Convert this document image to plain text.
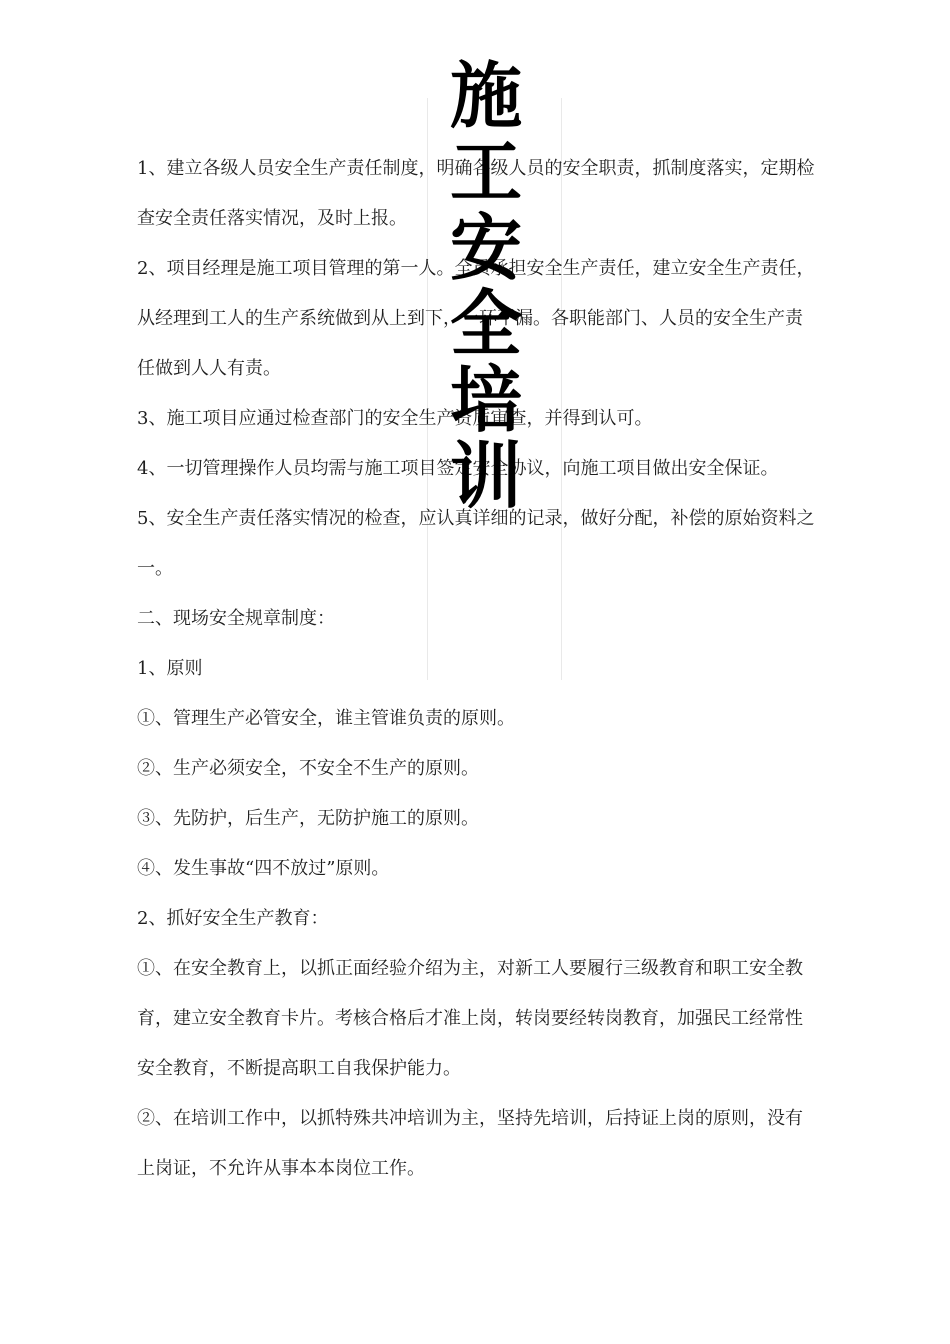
施
工
安
全
培
训

1、建立各级人员安全生产责任制度，明确各级人员的安全职责，抓制度落实，定期检查安全责任落实情况，及时上报。

2、项目经理是施工项目管理的第一人。全员承担安全生产责任，建立安全生产责任，从经理到工人的生产系统做到从上到下，一环不漏。各职能部门、人员的安全生产责任做到人人有责。

3、施工项目应通过检查部门的安全生产资质审查，并得到认可。

4、一切管理操作人员均需与施工项目签定安全协议，向施工项目做出安全保证。

5、安全生产责任落实情况的检查，应认真详细的记录，做好分配，补偿的原始资料之一。

二、现场安全规章制度：

1、原则

①、管理生产必管安全，谁主管谁负责的原则。

②、生产必须安全，不安全不生产的原则。

③、先防护，后生产，无防护施工的原则。

④、发生事故“四不放过”原则。

2、抓好安全生产教育：

①、在安全教育上，以抓正面经验介绍为主，对新工人要履行三级教育和职工安全教育，建立安全教育卡片。考核合格后才准上岗，转岗要经转岗教育，加强民工经常性安全教育，不断提高职工自我保护能力。

②、在培训工作中，以抓特殊共冲培训为主，坚持先培训，后持证上岗的原则，没有上岗证，不允许从事本本岗位工作。
